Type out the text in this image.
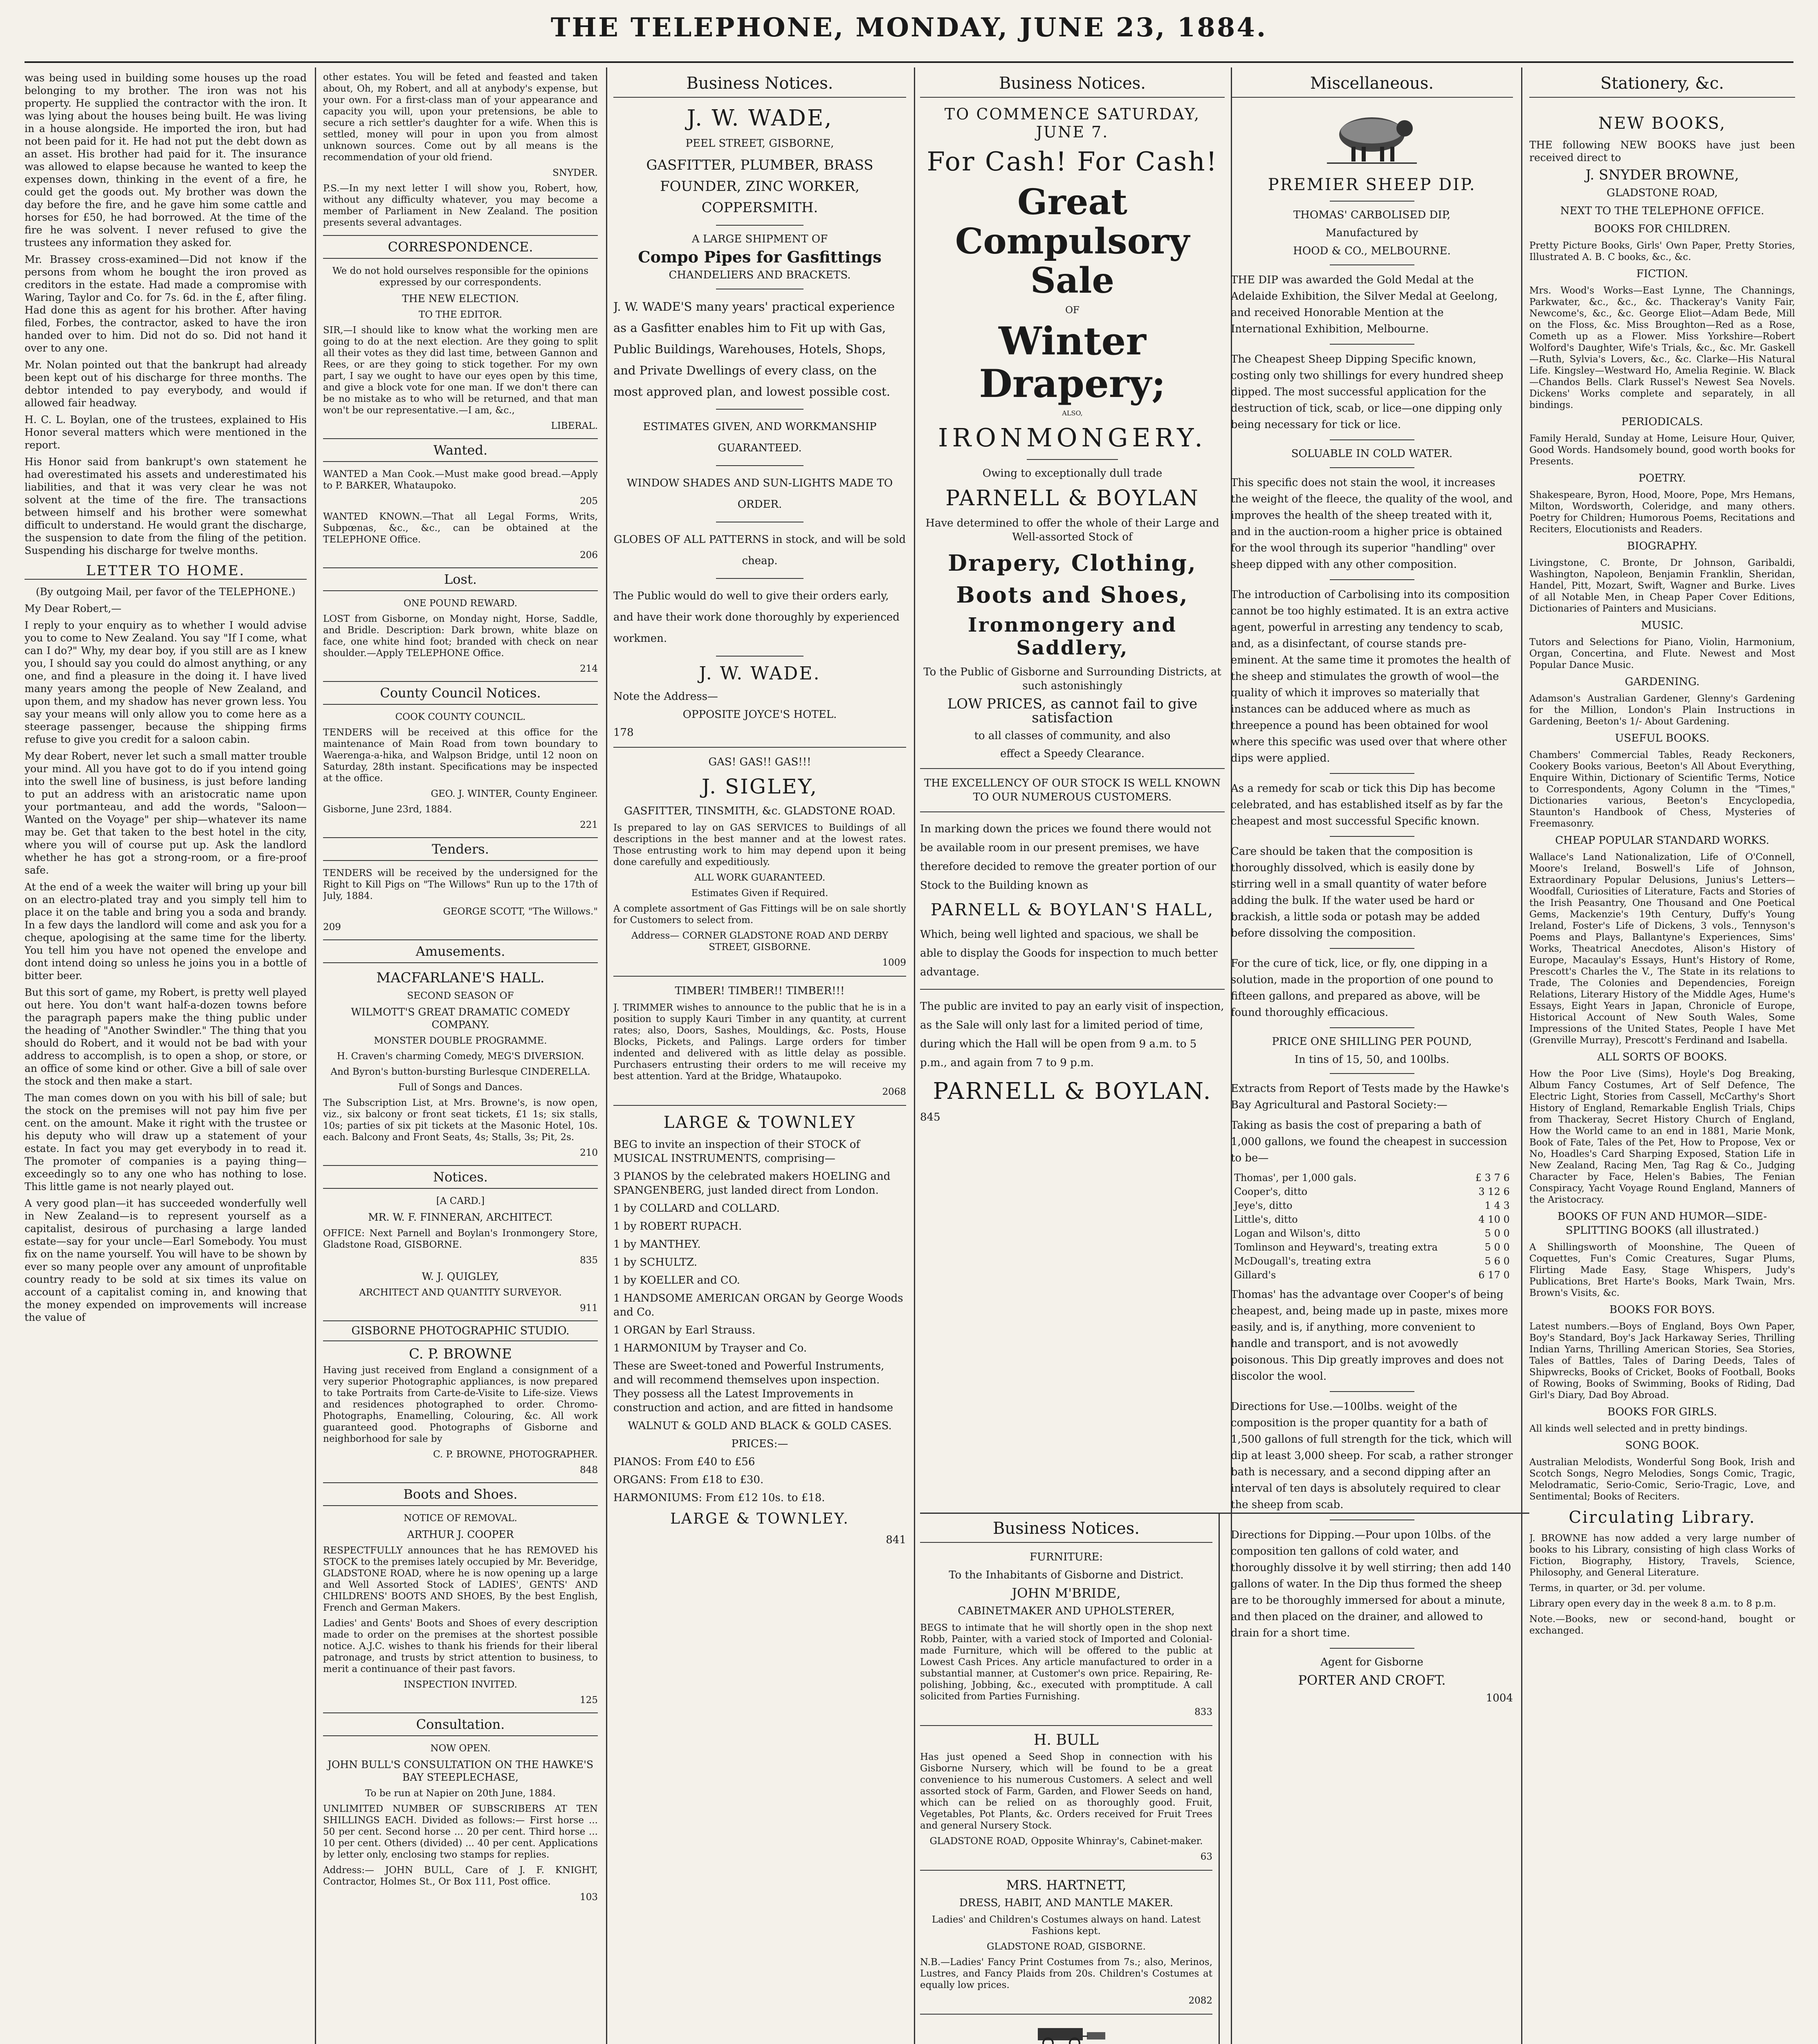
THE TELEPHONE, MONDAY, JUNE 23, 1884.

was being used in building some houses up the road belonging to my brother. The iron was not his property. He supplied the contractor with the iron. It was lying about the houses being built. He was living in a house alongside. He imported the iron, but had not been paid for it. He had not put the debt down as an asset. His brother had paid for it. The insurance was allowed to elapse because he wanted to keep the expenses down, thinking in the event of a fire, he could get the goods out. My brother was down the day before the fire, and he gave him some cattle and horses for £50, he had borrowed. At the time of the fire he was solvent. I never refused to give the trustees any information they asked for.

Mr. Brassey cross-examined—Did not know if the persons from whom he bought the iron proved as creditors in the estate. Had made a compromise with Waring, Taylor and Co. for 7s. 6d. in the £, after filing. Had done this as agent for his brother. After having filed, Forbes, the contractor, asked to have the iron handed over to him. Did not do so. Did not hand it over to any one.

Mr. Nolan pointed out that the bankrupt had already been kept out of his discharge for three months. The debtor intended to pay everybody, and would if allowed fair headway.

H. C. L. Boylan, one of the trustees, explained to His Honor several matters which were mentioned in the report.

His Honor said from bankrupt's own statement he had overestimated his assets and underestimated his liabilities, and that it was very clear he was not solvent at the time of the fire. The transactions between himself and his brother were somewhat difficult to understand. He would grant the discharge, the suspension to date from the filing of the petition. Suspending his discharge for twelve months.

LETTER TO HOME.

(By outgoing Mail, per favor of the TELEPHONE.)

My Dear Robert,—

I reply to your enquiry as to whether I would advise you to come to New Zealand. You say "If I come, what can I do?" Why, my dear boy, if you still are as I knew you, I should say you could do almost anything, or any one, and find a pleasure in the doing it. I have lived many years among the people of New Zealand, and upon them, and my shadow has never grown less. You say your means will only allow you to come here as a steerage passenger, because the shipping firms refuse to give you credit for a saloon cabin.

My dear Robert, never let such a small matter trouble your mind. All you have got to do if you intend going into the swell line of business, is just before landing to put an address with an aristocratic name upon your portmanteau, and add the words, "Saloon—Wanted on the Voyage" per ship—whatever its name may be. Get that taken to the best hotel in the city, where you will of course put up. Ask the landlord whether he has got a strong-room, or a fire-proof safe.

At the end of a week the waiter will bring up your bill on an electro-plated tray and you simply tell him to place it on the table and bring you a soda and brandy. In a few days the landlord will come and ask you for a cheque, apologising at the same time for the liberty. You tell him you have not opened the envelope and dont intend doing so unless he joins you in a bottle of bitter beer.

But this sort of game, my Robert, is pretty well played out here. You don't want half-a-dozen towns before the paragraph papers make the thing public under the heading of "Another Swindler." The thing that you should do Robert, and it would not be bad with your address to accomplish, is to open a shop, or store, or an office of some kind or other. Give a bill of sale over the stock and then make a start.

The man comes down on you with his bill of sale; but the stock on the premises will not pay him five per cent. on the amount. Make it right with the trustee or his deputy who will draw up a statement of your estate. In fact you may get everybody in to read it. The promoter of companies is a paying thing—exceedingly so to any one who has nothing to lose. This little game is not nearly played out.

A very good plan—it has succeeded wonderfully well in New Zealand—is to represent yourself as a capitalist, desirous of purchasing a large landed estate—say for your uncle—Earl Somebody. You must fix on the name yourself. You will have to be shown by ever so many people over any amount of unprofitable country ready to be sold at six times its value on account of a capitalist coming in, and knowing that the money expended on improvements will increase the value of

other estates. You will be feted and feasted and taken about, Oh, my Robert, and all at anybody's expense, but your own. For a first-class man of your appearance and capacity you will, upon your pretensions, be able to secure a rich settler's daughter for a wife. When this is settled, money will pour in upon you from almost unknown sources. Come out by all means is the recommendation of your old friend.

SNYDER.

P.S.—In my next letter I will show you, Robert, how, without any difficulty whatever, you may become a member of Parliament in New Zealand. The position presents several advantages.

CORRESPONDENCE.

We do not hold ourselves responsible for the opinions expressed by our correspondents.

THE NEW ELECTION.

TO THE EDITOR.

SIR,—I should like to know what the working men are going to do at the next election. Are they going to split all their votes as they did last time, between Gannon and Rees, or are they going to stick together. For my own part, I say we ought to have our eyes open by this time, and give a block vote for one man. If we don't there can be no mistake as to who will be returned, and that man won't be our representative.—I am, &c.,

LIBERAL.

Wanted.

WANTED a Man Cook.—Must make good bread.—Apply to P. BARKER, Whataupoko.

205

WANTED KNOWN.—That all Legal Forms, Writs, Subpœnas, &c., &c., can be obtained at the TELEPHONE Office.

206

Lost.

ONE POUND REWARD.

LOST from Gisborne, on Monday night, Horse, Saddle, and Bridle. Description: Dark brown, white blaze on face, one white hind foot; branded with check on near shoulder.—Apply TELEPHONE Office.

214

County Council Notices.

COOK COUNTY COUNCIL.

TENDERS will be received at this office for the maintenance of Main Road from town boundary to Waerenga-a-hika, and Walpson Bridge, until 12 noon on Saturday, 28th instant. Specifications may be inspected at the office.

GEO. J. WINTER, County Engineer.

Gisborne, June 23rd, 1884.

221

Tenders.

TENDERS will be received by the undersigned for the Right to Kill Pigs on "The Willows" Run up to the 17th of July, 1884.

GEORGE SCOTT, "The Willows."

209

Amusements.

MACFARLANE'S HALL.

SECOND SEASON OF

WILMOTT'S GREAT DRAMATIC COMEDY COMPANY.

MONSTER DOUBLE PROGRAMME.

H. Craven's charming Comedy, MEG'S DIVERSION.

And Byron's button-bursting Burlesque CINDERELLA.

Full of Songs and Dances.

The Subscription List, at Mrs. Browne's, is now open, viz., six balcony or front seat tickets, £1 1s; six stalls, 10s; parties of six pit tickets at the Masonic Hotel, 10s. each. Balcony and Front Seats, 4s; Stalls, 3s; Pit, 2s.

210

Notices.

[A CARD.]

MR. W. F. FINNERAN, ARCHITECT.

OFFICE: Next Parnell and Boylan's Ironmongery Store, Gladstone Road, GISBORNE.

835

W. J. QUIGLEY,

ARCHITECT AND QUANTITY SURVEYOR.

911

GISBORNE PHOTOGRAPHIC STUDIO.

C. P. BROWNE

Having just received from England a consignment of a very superior Photographic appliances, is now prepared to take Portraits from Carte-de-Visite to Life-size. Views and residences photographed to order. Chromo-Photographs, Enamelling, Colouring, &c. All work guaranteed good. Photographs of Gisborne and neighborhood for sale by

C. P. BROWNE, PHOTOGRAPHER.

848

Boots and Shoes.

NOTICE OF REMOVAL.

ARTHUR J. COOPER

RESPECTFULLY announces that he has REMOVED his STOCK to the premises lately occupied by Mr. Beveridge, GLADSTONE ROAD, where he is now opening up a large and Well Assorted Stock of LADIES', GENTS' AND CHILDRENS' BOOTS AND SHOES, By the best English, French and German Makers.

Ladies' and Gents' Boots and Shoes of every description made to order on the premises at the shortest possible notice. A.J.C. wishes to thank his friends for their liberal patronage, and trusts by strict attention to business, to merit a continuance of their past favors.

INSPECTION INVITED.

125

Consultation.

NOW OPEN.

JOHN BULL'S CONSULTATION ON THE HAWKE'S BAY STEEPLECHASE,

To be run at Napier on 20th June, 1884.

UNLIMITED NUMBER OF SUBSCRIBERS AT TEN SHILLINGS EACH. Divided as follows:— First horse ... 50 per cent. Second horse ... 20 per cent. Third horse ... 10 per cent. Others (divided) ... 40 per cent. Applications by letter only, enclosing two stamps for replies.

Address:— JOHN BULL, Care of J. F. KNIGHT, Contractor, Holmes St., Or Box 111, Post office.

103

Business Notices.
J. W. WADE,

PEEL STREET, GISBORNE,

GASFITTER, PLUMBER, BRASS FOUNDER, ZINC WORKER, COPPERSMITH.

A LARGE SHIPMENT OF

Compo Pipes for Gasfittings

CHANDELIERS AND BRACKETS.

J. W. WADE'S many years' practical experience as a Gasfitter enables him to Fit up with Gas, Public Buildings, Warehouses, Hotels, Shops, and Private Dwellings of every class, on the most approved plan, and lowest possible cost.

ESTIMATES GIVEN, AND WORKMANSHIP GUARANTEED.

WINDOW SHADES AND SUN-LIGHTS MADE TO ORDER.

GLOBES OF ALL PATTERNS in stock, and will be sold cheap.

The Public would do well to give their orders early, and have their work done thoroughly by experienced workmen.

J. W. WADE.

Note the Address—

OPPOSITE JOYCE'S HOTEL.

178

GAS! GAS!! GAS!!!

J. SIGLEY,

GASFITTER, TINSMITH, &c. GLADSTONE ROAD.

Is prepared to lay on GAS SERVICES to Buildings of all descriptions in the best manner and at the lowest rates. Those entrusting work to him may depend upon it being done carefully and expeditiously.

ALL WORK GUARANTEED.

Estimates Given if Required.

A complete assortment of Gas Fittings will be on sale shortly for Customers to select from.

Address— CORNER GLADSTONE ROAD AND DERBY STREET, GISBORNE.

1009

TIMBER! TIMBER!! TIMBER!!!

J. TRIMMER wishes to announce to the public that he is in a position to supply Kauri Timber in any quantity, at current rates; also, Doors, Sashes, Mouldings, &c. Posts, House Blocks, Pickets, and Palings. Large orders for timber indented and delivered with as little delay as possible. Purchasers entrusting their orders to me will receive my best attention. Yard at the Bridge, Whataupoko.

2068

LARGE & TOWNLEY

BEG to invite an inspection of their STOCK of MUSICAL INSTRUMENTS, comprising—

3 PIANOS by the celebrated makers HOELING and SPANGENBERG, just landed direct from London.

1 by COLLARD and COLLARD.

1 by ROBERT RUPACH.

1 by MANTHEY.

1 by SCHULTZ.

1 by KOELLER and CO.

1 HANDSOME AMERICAN ORGAN by George Woods and Co.

1 ORGAN by Earl Strauss.

1 HARMONIUM by Trayser and Co.

These are Sweet-toned and Powerful Instruments, and will recommend themselves upon inspection. They possess all the Latest Improvements in construction and action, and are fitted in handsome

WALNUT & GOLD AND BLACK & GOLD CASES.

PRICES:—

PIANOS: From £40 to £56

ORGANS: From £18 to £30.

HARMONIUMS: From £12 10s. to £18.

LARGE & TOWNLEY.

841

Business Notices.
TO COMMENCE SATURDAY, JUNE 7.
For Cash! For Cash!
Great Compulsory Sale
OF
Winter Drapery;
ALSO,
IRONMONGERY.

Owing to exceptionally dull trade

PARNELL & BOYLAN

Have determined to offer the whole of their Large and Well-assorted Stock of

Drapery, Clothing,
Boots and Shoes,
Ironmongery and Saddlery,

To the Public of Gisborne and Surrounding Districts, at such astonishingly

LOW PRICES, as cannot fail to give satisfaction

to all classes of community, and also

effect a Speedy Clearance.

THE EXCELLENCY OF OUR STOCK IS WELL KNOWN TO OUR NUMEROUS CUSTOMERS.

In marking down the prices we found there would not be available room in our present premises, we have therefore decided to remove the greater portion of our Stock to the Building known as

PARNELL & BOYLAN'S HALL,

Which, being well lighted and spacious, we shall be able to display the Goods for inspection to much better advantage.

The public are invited to pay an early visit of inspection, as the Sale will only last for a limited period of time, during which the Hall will be open from 9 a.m. to 5 p.m., and again from 7 to 9 p.m.

PARNELL & BOYLAN.

845

Miscellaneous.
PREMIER SHEEP DIP.

THOMAS' CARBOLISED DIP,

Manufactured by

HOOD & CO., MELBOURNE.

THE DIP was awarded the Gold Medal at the Adelaide Exhibition, the Silver Medal at Geelong, and received Honorable Mention at the International Exhibition, Melbourne.

The Cheapest Sheep Dipping Specific known, costing only two shillings for every hundred sheep dipped. The most successful application for the destruction of tick, scab, or lice—one dipping only being necessary for tick or lice.

SOLUABLE IN COLD WATER.

This specific does not stain the wool, it increases the weight of the fleece, the quality of the wool, and improves the health of the sheep treated with it, and in the auction-room a higher price is obtained for the wool through its superior "handling" over sheep dipped with any other composition.

The introduction of Carbolising into its composition cannot be too highly estimated. It is an extra active agent, powerful in arresting any tendency to scab, and, as a disinfectant, of course stands pre-eminent. At the same time it promotes the health of the sheep and stimulates the growth of wool—the quality of which it improves so materially that instances can be adduced where as much as threepence a pound has been obtained for wool where this specific was used over that where other dips were applied.

As a remedy for scab or tick this Dip has become celebrated, and has established itself as by far the cheapest and most successful Specific known.

Care should be taken that the composition is thoroughly dissolved, which is easily done by stirring well in a small quantity of water before adding the bulk. If the water used be hard or brackish, a little soda or potash may be added before dissolving the composition.

For the cure of tick, lice, or fly, one dipping in a solution, made in the proportion of one pound to fifteen gallons, and prepared as above, will be found thoroughly efficacious.

PRICE ONE SHILLING PER POUND,

In tins of 15, 50, and 100lbs.

Extracts from Report of Tests made by the Hawke's Bay Agricultural and Pastoral Society:—

Taking as basis the cost of preparing a bath of 1,000 gallons, we found the cheapest in succession to be—

Thomas', per 1,000 gals.	£ 3 7 6
Cooper's, ditto	3 12 6
Jeye's, ditto	1 4 3
Little's, ditto	4 10 0
Logan and Wilson's, ditto	5 0 0
Tomlinson and Heyward's, treating extra	5 0 0
McDougall's, treating extra	5 6 0
Gillard's	6 17 0

Thomas' has the advantage over Cooper's of being cheapest, and, being made up in paste, mixes more easily, and is, if anything, more convenient to handle and transport, and is not avowedly poisonous. This Dip greatly improves and does not discolor the wool.

Directions for Use.—100lbs. weight of the composition is the proper quantity for a bath of 1,500 gallons of full strength for the tick, which will dip at least 3,000 sheep. For scab, a rather stronger bath is necessary, and a second dipping after an interval of ten days is absolutely required to clear the sheep from scab.

Directions for Dipping.—Pour upon 10lbs. of the composition ten gallons of cold water, and thoroughly dissolve it by well stirring; then add 140 gallons of water. In the Dip thus formed the sheep are to be thoroughly immersed for about a minute, and then placed on the drainer, and allowed to drain for a short time.

Agent for Gisborne

PORTER AND CROFT.

1004

Business Notices.

FURNITURE:

To the Inhabitants of Gisborne and District.

JOHN M'BRIDE,

CABINETMAKER AND UPHOLSTERER,

BEGS to intimate that he will shortly open in the shop next Robb, Painter, with a varied stock of Imported and Colonial-made Furniture, which will be offered to the public at Lowest Cash Prices. Any article manufactured to order in a substantial manner, at Customer's own price. Repairing, Re-polishing, Jobbing, &c., executed with promptitude. A call solicited from Parties Furnishing.

833

H. BULL

Has just opened a Seed Shop in connection with his Gisborne Nursery, which will be found to be a great convenience to his numerous Customers. A select and well assorted stock of Farm, Garden, and Flower Seeds on hand, which can be relied on as thoroughly good. Fruit, Vegetables, Pot Plants, &c. Orders received for Fruit Trees and general Nursery Stock.

GLADSTONE ROAD, Opposite Whinray's, Cabinet-maker.

63

MRS. HARTNETT,

DRESS, HABIT, AND MANTLE MAKER.

Ladies' and Children's Costumes always on hand. Latest Fashions kept.

GLADSTONE ROAD, GISBORNE.

N.B.—Ladies' Fancy Print Costumes from 7s.; also, Merinos, Lustres, and Fancy Plaids from 20s. Children's Costumes at equally low prices.

2082

Stationery, &c.
NEW BOOKS,

THE following NEW BOOKS have just been received direct to

J. SNYDER BROWNE,

GLADSTONE ROAD,

NEXT TO THE TELEPHONE OFFICE.

BOOKS FOR CHILDREN.

Pretty Picture Books, Girls' Own Paper, Pretty Stories, Illustrated A. B. C books, &c., &c.

FICTION.

Mrs. Wood's Works—East Lynne, The Channings, Parkwater, &c., &c., &c. Thackeray's Vanity Fair, Newcome's, &c., &c. George Eliot—Adam Bede, Mill on the Floss, &c. Miss Broughton—Red as a Rose, Cometh up as a Flower. Miss Yorkshire—Robert Wolford's Daughter, Wife's Trials, &c., &c. Mr. Gaskell—Ruth, Sylvia's Lovers, &c., &c. Clarke—His Natural Life. Kingsley—Westward Ho, Amelia Reginie. W. Black—Chandos Bells. Clark Russel's Newest Sea Novels. Dickens' Works complete and separately, in all bindings.

PERIODICALS.

Family Herald, Sunday at Home, Leisure Hour, Quiver, Good Words. Handsomely bound, good worth books for Presents.

POETRY.

Shakespeare, Byron, Hood, Moore, Pope, Mrs Hemans, Milton, Wordsworth, Coleridge, and many others. Poetry for Children; Humorous Poems, Recitations and Reciters, Elocutionists and Readers.

BIOGRAPHY.

Livingstone, C. Bronte, Dr Johnson, Garibaldi, Washington, Napoleon, Benjamin Franklin, Sheridan, Handel, Pitt, Mozart, Swift, Wagner and Burke. Lives of all Notable Men, in Cheap Paper Cover Editions, Dictionaries of Painters and Musicians.

MUSIC.

Tutors and Selections for Piano, Violin, Harmonium, Organ, Concertina, and Flute. Newest and Most Popular Dance Music.

GARDENING.

Adamson's Australian Gardener, Glenny's Gardening for the Million, London's Plain Instructions in Gardening, Beeton's 1/- About Gardening.

USEFUL BOOKS.

Chambers' Commercial Tables, Ready Reckoners, Cookery Books various, Beeton's All About Everything, Enquire Within, Dictionary of Scientific Terms, Notice to Correspondents, Agony Column in the "Times," Dictionaries various, Beeton's Encyclopedia, Staunton's Handbook of Chess, Mysteries of Freemasonry.

CHEAP POPULAR STANDARD WORKS.

Wallace's Land Nationalization, Life of O'Connell, Moore's Ireland, Boswell's Life of Johnson, Extraordinary Popular Delusions, Junius's Letters—Woodfall, Curiosities of Literature, Facts and Stories of the Irish Peasantry, One Thousand and One Poetical Gems, Mackenzie's 19th Century, Duffy's Young Ireland, Foster's Life of Dickens, 3 vols., Tennyson's Poems and Plays, Ballantyne's Experiences, Sims' Works, Theatrical Anecdotes, Alison's History of Europe, Macaulay's Essays, Hunt's History of Rome, Prescott's Charles the V., The State in its relations to Trade, The Colonies and Dependencies, Foreign Relations, Literary History of the Middle Ages, Hume's Essays, Eight Years in Japan, Chronicle of Europe, Historical Account of New South Wales, Some Impressions of the United States, People I have Met (Grenville Murray), Prescott's Ferdinand and Isabella.

ALL SORTS OF BOOKS.

How the Poor Live (Sims), Hoyle's Dog Breaking, Album Fancy Costumes, Art of Self Defence, The Electric Light, Stories from Cassell, McCarthy's Short History of England, Remarkable English Trials, Chips from Thackeray, Secret History Church of England, How the World came to an end in 1881, Marie Monk, Book of Fate, Tales of the Pet, How to Propose, Vex or No, Hoadles's Card Sharping Exposed, Station Life in New Zealand, Racing Men, Tag Rag & Co., Judging Character by Face, Helen's Babies, The Fenian Conspiracy, Yacht Voyage Round England, Manners of the Aristocracy.

BOOKS OF FUN AND HUMOR—SIDE-SPLITTING BOOKS (all illustrated.)

A Shillingsworth of Moonshine, The Queen of Coquettes, Fun's Comic Creatures, Sugar Plums, Flirting Made Easy, Stage Whispers, Judy's Publications, Bret Harte's Books, Mark Twain, Mrs. Brown's Visits, &c.

BOOKS FOR BOYS.

Latest numbers.—Boys of England, Boys Own Paper, Boy's Standard, Boy's Jack Harkaway Series, Thrilling Indian Yarns, Thrilling American Stories, Sea Stories, Tales of Battles, Tales of Daring Deeds, Tales of Shipwrecks, Books of Cricket, Books of Football, Books of Rowing, Books of Swimming, Books of Riding, Dad Girl's Diary, Dad Boy Abroad.

BOOKS FOR GIRLS.

All kinds well selected and in pretty bindings.

SONG BOOK.

Australian Melodists, Wonderful Song Book, Irish and Scotch Songs, Negro Melodies, Songs Comic, Tragic, Melodramatic, Serio-Comic, Serio-Tragic, Love, and Sentimental; Books of Reciters.

Circulating Library.

J. BROWNE has now added a very large number of books to his Library, consisting of high class Works of Fiction, Biography, History, Travels, Science, Philosophy, and General Literature.

Terms, in quarter, or 3d. per volume.

Library open every day in the week 8 a.m. to 8 p.m.

Note.—Books, new or second-hand, bought or exchanged.
